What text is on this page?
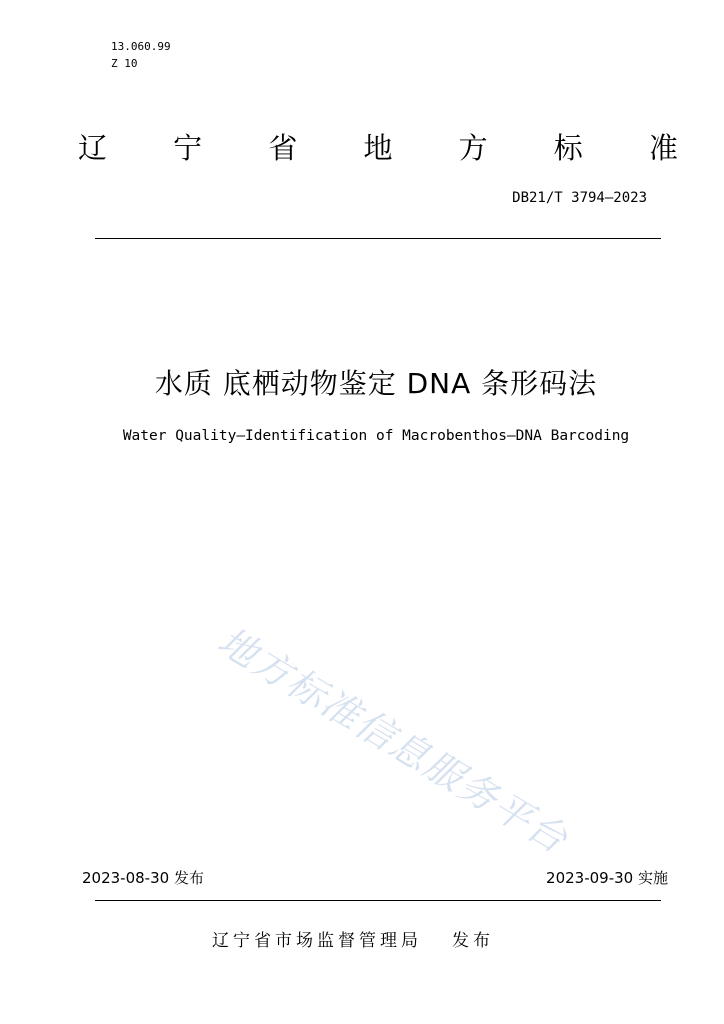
13.060.99
Z 10
辽 宁 省 地 方 标 准
DB21/T 3794—2023
水质 底栖动物鉴定 DNA 条形码法
Water Quality—Identification of Macrobenthos—DNA Barcoding
地方标准信息服务平台
2023-08-30 发布	2023-09-30 实施
辽宁省市场监督管理局 发布
